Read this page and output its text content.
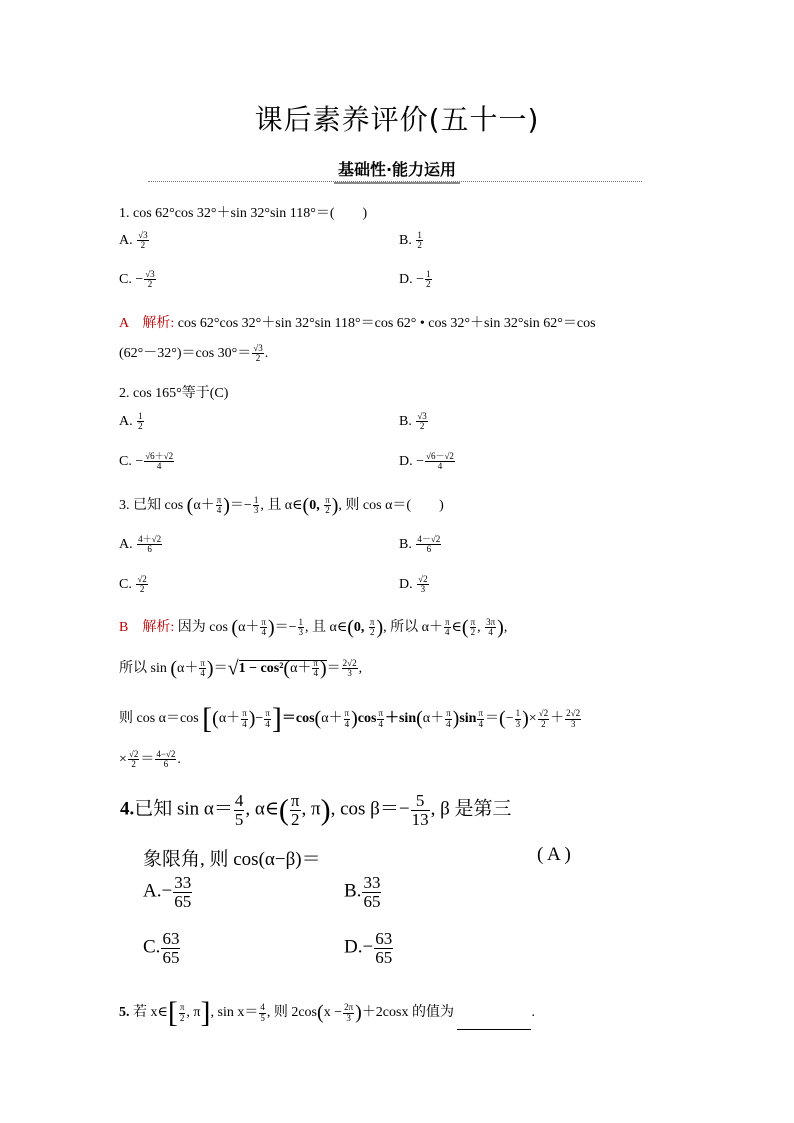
课后素养评价(五十一)
基础性·能力运用
1. cos 62°cos 32°＋sin 32°sin 118°＝(　　)
A. $\frac{√3}{2}$	B. $\frac{1}{2}$
C. − $\frac{√3}{2}$	D. − $\frac{1}{2}$
A　 解析: cos 62°cos 32°＋sin 32°sin 118°＝cos 62° • cos 32°＋sin 32°sin 62°＝cos
(62°－32°)＝cos $30^\circ= \frac{√3}{2}$ .
2. cos 165°等于(C)
A. $\frac{1}{2}$	B. $\frac{√3}{2}$
C. − $\frac{√6+√2}{4}$	D. − $\frac{√6-√2}{4}$
3. 已知 $\cos (\alpha+ \frac{\pi}{4}$ )＝− $\frac{1}{3}$ , 且 α∈(0, $\frac{\pi}{2}$ ), 则 cos α＝(　　)
A. $\frac{4+√2}{6}$	B. $\frac{4-√2}{6}$
C. $\frac{√2}{2}$	D. $\frac{√2}{3}$
B　 解析: 因为 $\cos (\alpha+ \frac{\pi}{4}$ )＝− $\frac{1}{3}$ , 且 α∈(0, $\frac{\pi}{2}$ ), 所以 $\alpha+ \frac{\pi}{4}$ ∈( $\frac{\pi}{2}$ , $\frac{3\pi}{4}$ ),
所以 $\sin (\alpha+ \frac{\pi}{4} )=√1 - \cos^2(\alpha+ \frac{\pi}{4}$ )＝ $\frac{2√2}{3}$ ,
则 cos α＝cos [($\alpha+ \frac{\pi}{4}$ )− $\frac{\pi}{4} ]=\cos(\alpha+ \frac{\pi}{4} )\cos \frac{\pi}{4} +\sin(\alpha+ \frac{\pi}{4} )\sin \frac{\pi}{4}$ ＝(− $\frac{1}{3}$ )× $\frac{√2}{2} + \frac{2√2}{3}$
× $\frac{√2}{2} = \frac{4-√2}{6}$ .
4.已知 $\sin \alpha= \frac{4}{5}$ , α∈( $\frac{\pi}{2}$ , π), $\cos \beta=- \frac{5}{13}$ , β 是第三
象限角, 则 cos(α−β)＝	( A )
$A.- \frac{33}{65}$	B. $\frac{33}{65}$
C. $\frac{63}{65}$	$D.- \frac{63}{65}$
5. 若 x∈[ $\frac{\pi}{2}$ , π], $\sin x= \frac{4}{5}$ , 则 $2\cos(x - \frac{2\pi}{3} )+2\cos x$ 的值为	.
